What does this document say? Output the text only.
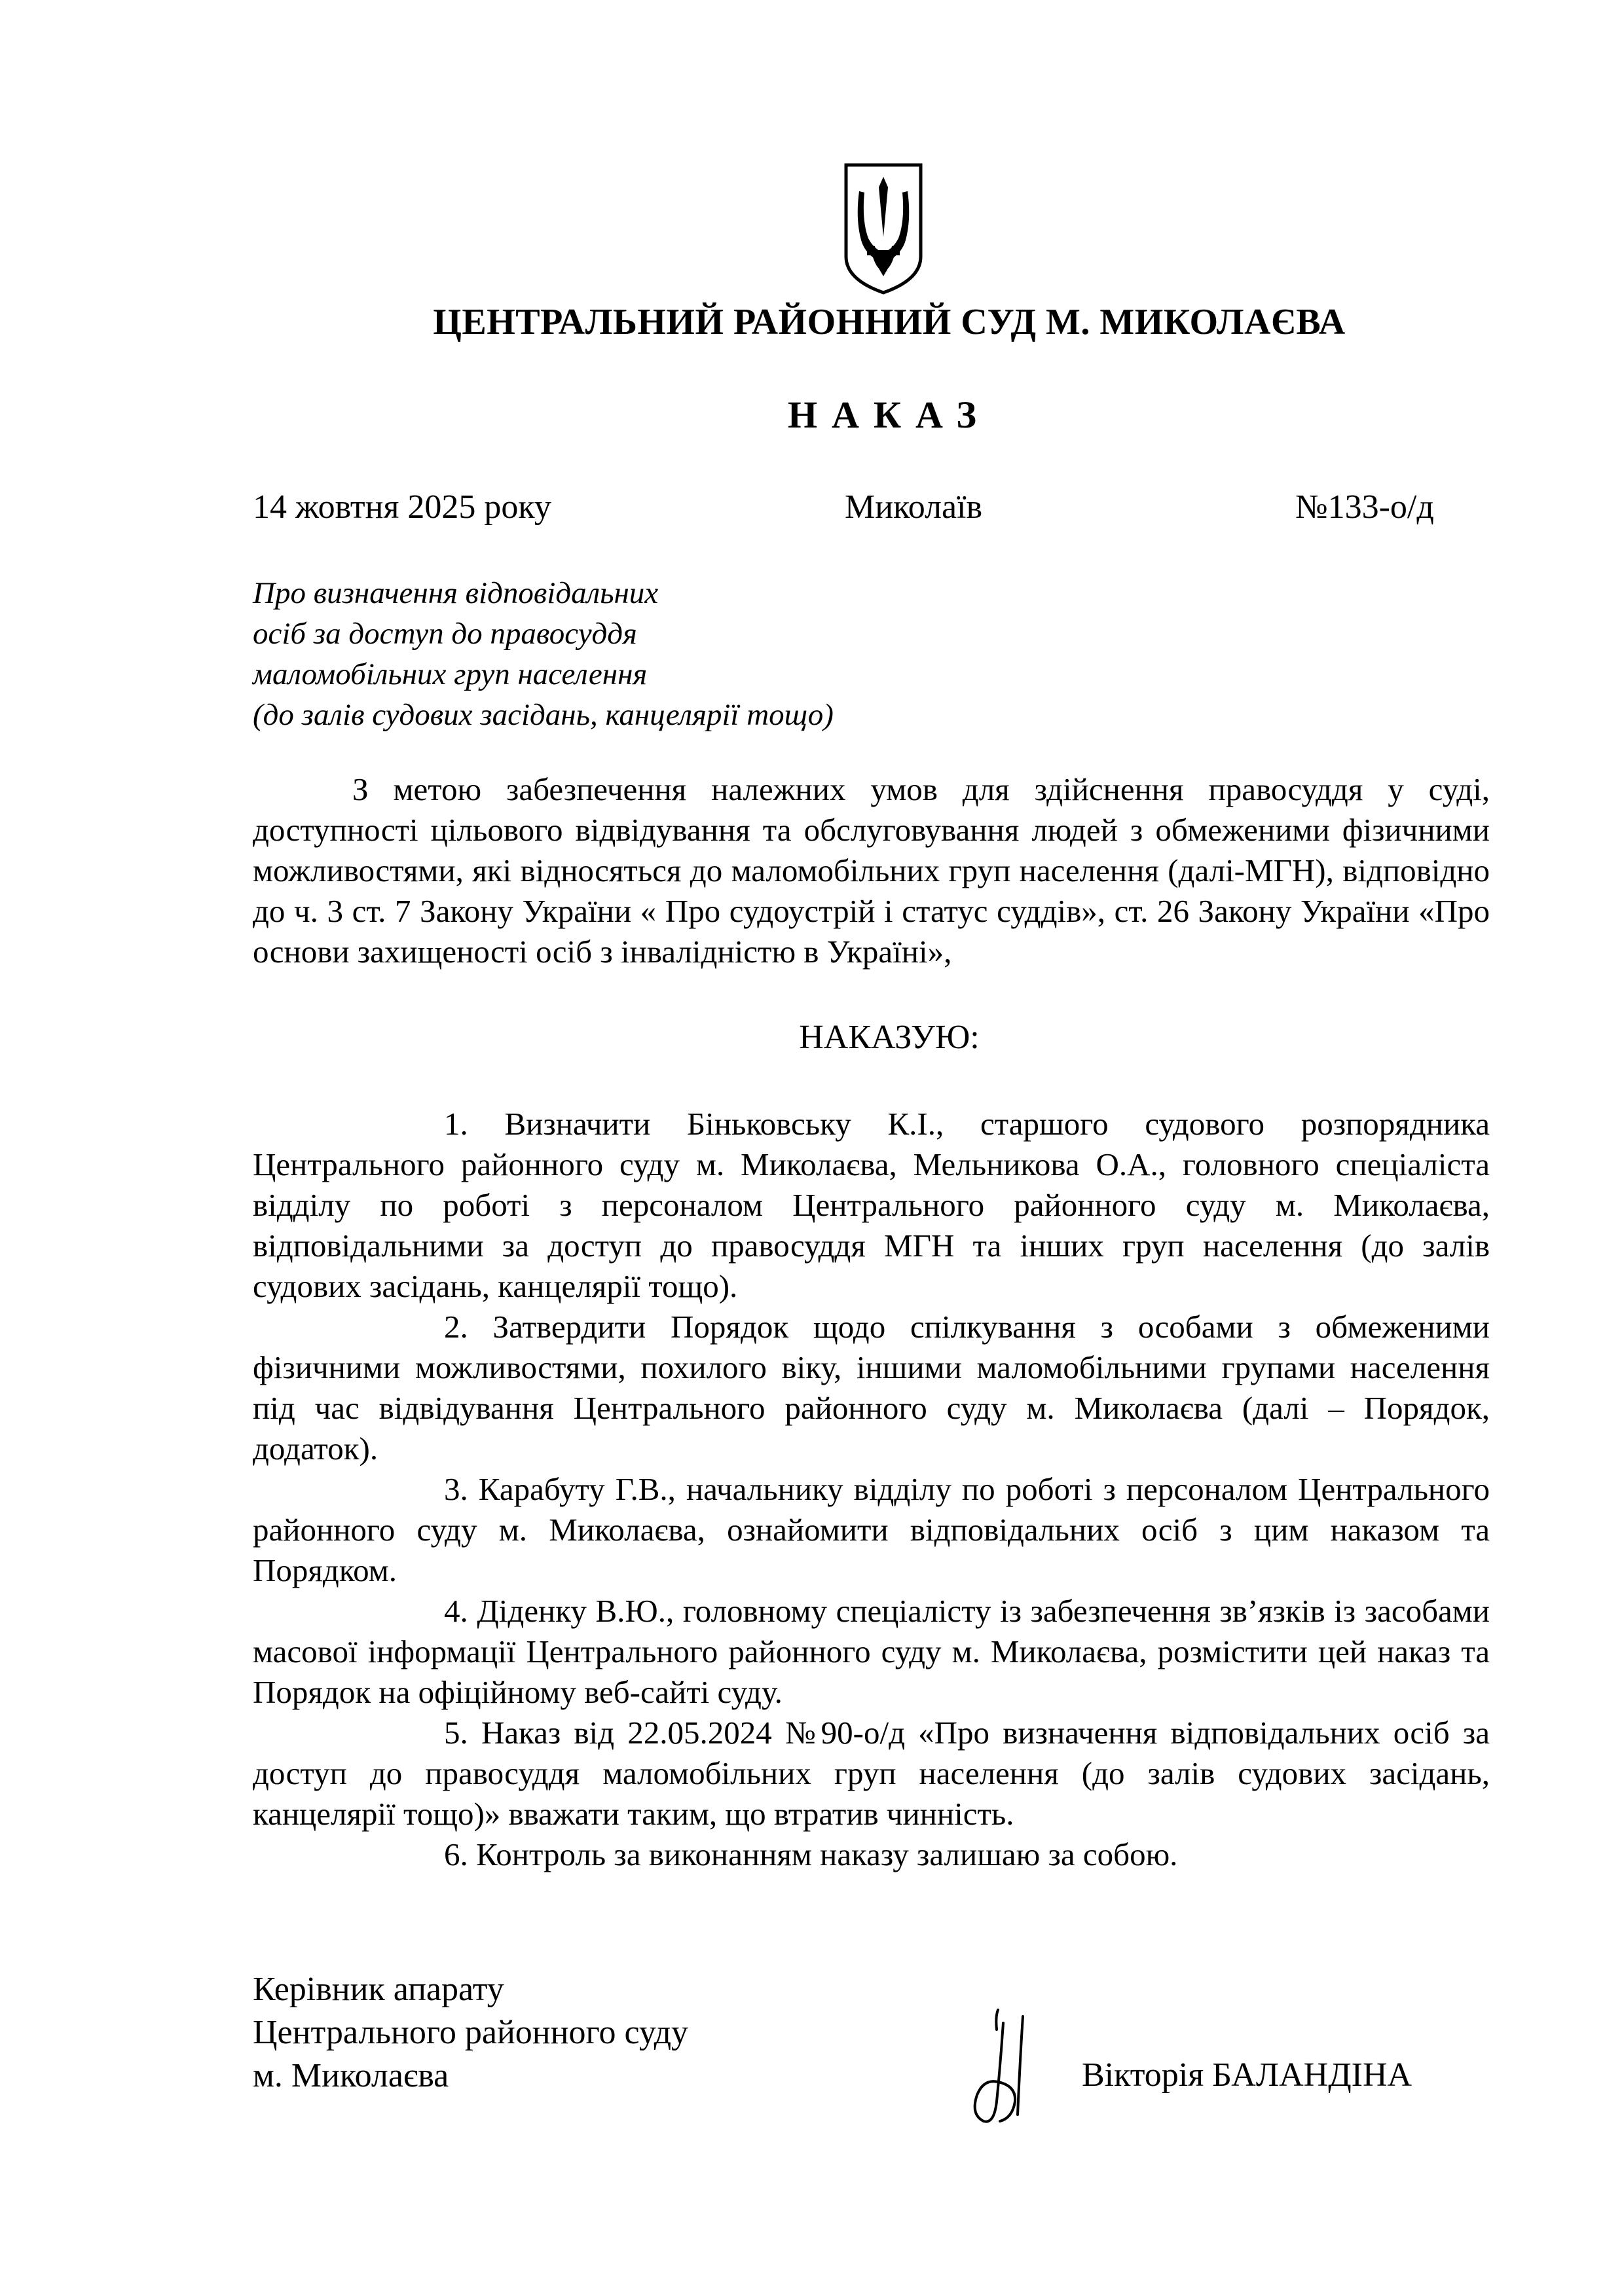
ЦЕНТРАЛЬНИЙ РАЙОННИЙ СУД М. МИКОЛАЄВА
НАКАЗ
14 жовтня 2025 року	Миколаїв	№133-о/д
Про визначення відповідальних
осіб за доступ до правосуддя
маломобільних груп населення
(до залів судових засідань, канцелярії тощо)
З метою забезпечення належних умов для здійснення правосуддя у суді, доступності цільового відвідування та обслуговування людей з обмеженими фізичними можливостями, які відносяться до маломобільних груп населення (далі-МГН), відповідно до ч. 3 ст. 7 Закону України « Про судоустрій і статус суддів», ст. 26 Закону України «Про основи захищеності осіб з інвалідністю в Україні»,
НАКАЗУЮ:
1. Визначити Біньковську К.І., старшого судового розпорядника Центрального районного суду м. Миколаєва, Мельникова О.А., головного спеціаліста відділу по роботі з персоналом Центрального районного суду м. Миколаєва, відповідальними за доступ до правосуддя МГН та інших груп населення (до залів судових засідань, канцелярії тощо).
2. Затвердити Порядок щодо спілкування з особами з обмеженими фізичними можливостями, похилого віку, іншими маломобільними групами населення під час відвідування Центрального районного суду м. Миколаєва (далі – Порядок, додаток).
3. Карабуту Г.В., начальнику відділу по роботі з персоналом Центрального районного суду м. Миколаєва, ознайомити відповідальних осіб з цим наказом та Порядком.
4. Діденку В.Ю., головному спеціалісту із забезпечення зв’язків із засобами масової інформації Центрального районного суду м. Миколаєва, розмістити цей наказ та Порядок на офіційному веб-сайті суду.
5. Наказ від 22.05.2024 №90-о/д «Про визначення відповідальних осіб за доступ до правосуддя маломобільних груп населення (до залів судових засідань, канцелярії тощо)» вважати таким, що втратив чинність.
6. Контроль за виконанням наказу залишаю за собою.
Керівник апарату
Центрального районного суду
м. Миколаєва	Вікторія БАЛАНДІНА
